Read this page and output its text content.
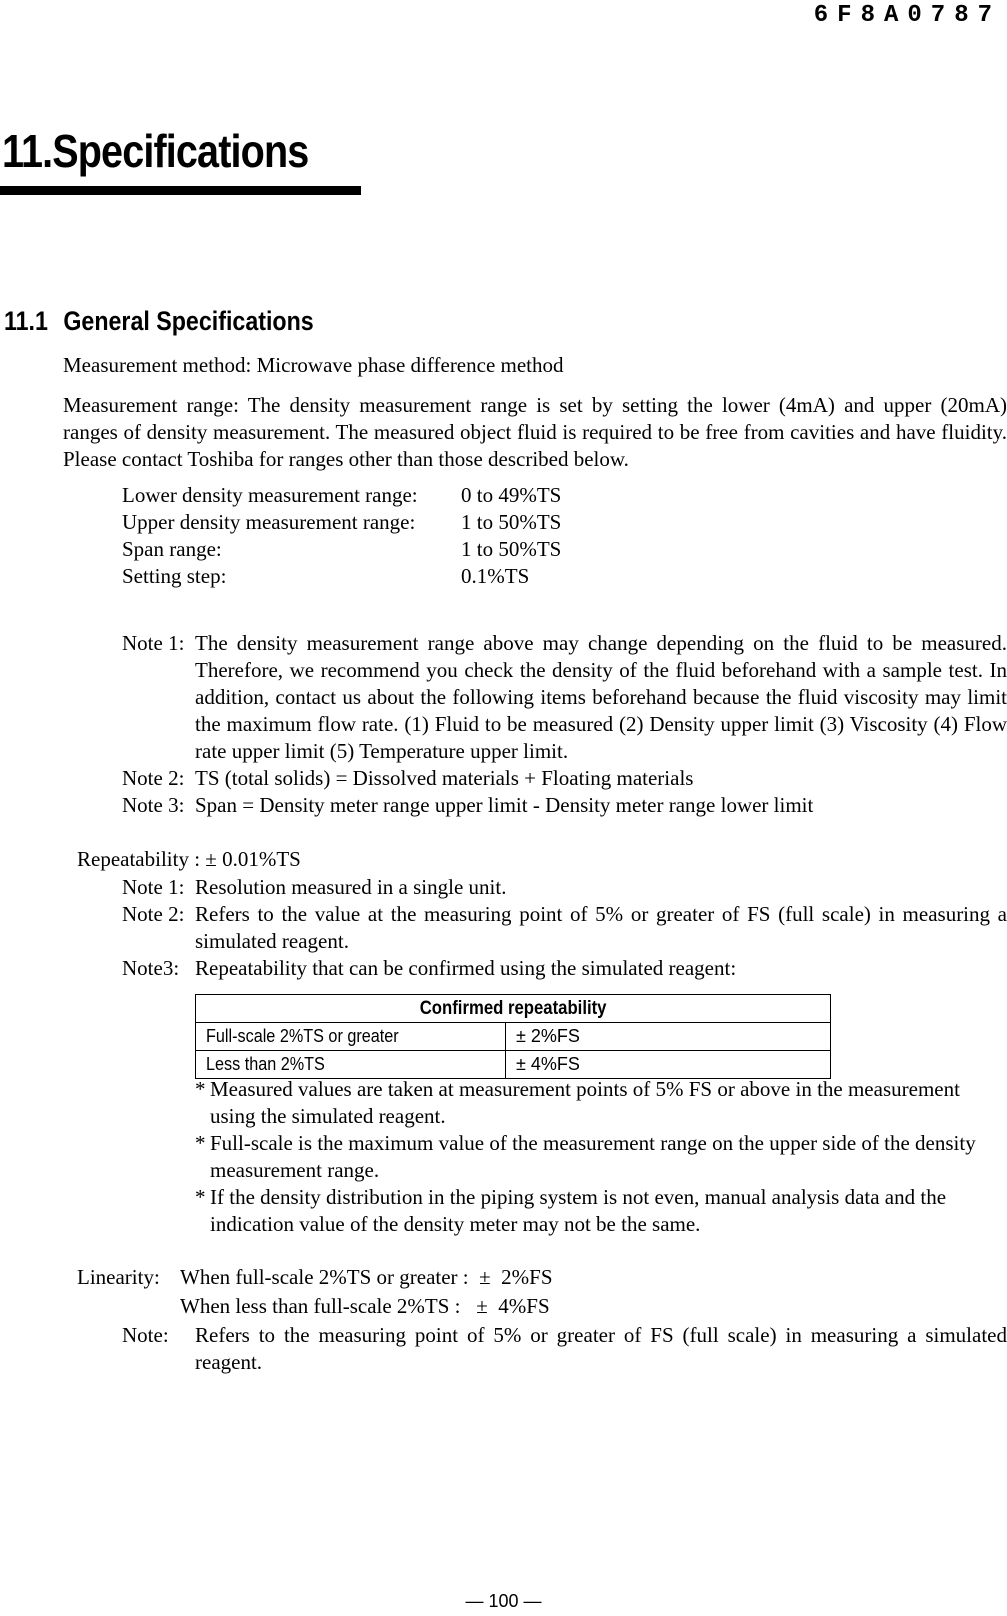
6F8A0787
11.Specifications
11.1 General Specifications
Measurement method: Microwave phase difference method
Measurement range: The density measurement range is set by setting the lower (4mA) and upper (20mA) ranges of density measurement. The measured object fluid is required to be free from cavities and have fluidity. Please contact Toshiba for ranges other than those described below.
Lower density measurement range: 0 to 49%TS
Upper density measurement range: 1 to 50%TS
Span range:	1 to 50%TS
Setting step:	0.1%TS
Note 1: The density measurement range above may change depending on the fluid to be measured. Therefore, we recommend you check the density of the fluid beforehand with a sample test. In addition, contact us about the following items beforehand because the fluid viscosity may limit the maximum flow rate. (1) Fluid to be measured (2) Density upper limit (3) Viscosity (4) Flow rate upper limit (5) Temperature upper limit.
Note 2: TS (total solids) = Dissolved materials + Floating materials
Note 3: Span = Density meter range upper limit - Density meter range lower limit
Repeatability : ± 0.01%TS
Note 1: Resolution measured in a single unit.
Note 2: Refers to the value at the measuring point of 5% or greater of FS (full scale) in measuring a simulated reagent.
Note3: Repeatability that can be confirmed using the simulated reagent:
Confirmed repeatability	
Full-scale 2%TS or greater	± 2%FS
Less than 2%TS	± 4%FS
* Measured values are taken at measurement points of 5% FS or above in the measurement using the simulated reagent.
* Full-scale is the maximum value of the measurement range on the upper side of the density measurement range.
* If the density distribution in the piping system is not even, manual analysis data and the indication value of the density meter may not be the same.
Linearity: When full-scale 2%TS or greater :  ±  2%FS
When less than full-scale 2%TS :   ±  4%FS
Note: Refers to the measuring point of 5% or greater of FS (full scale) in measuring a simulated reagent.
— 100 —
